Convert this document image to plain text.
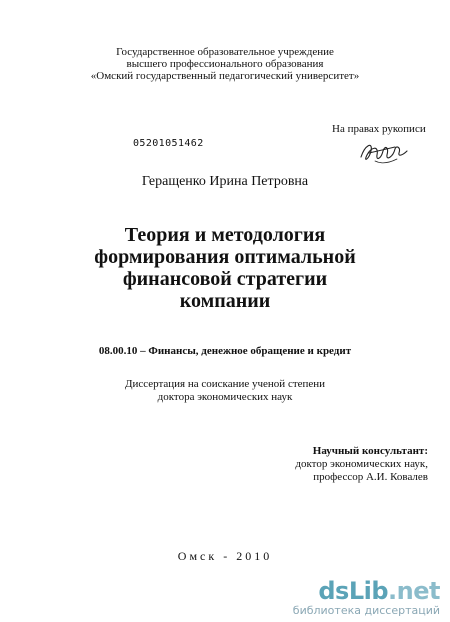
Государственное образовательное учреждение
высшего профессионального образования
«Омский государственный педагогический университет»
На правах рукописи
05201051462
Геращенко Ирина Петровна
Теория и методология
формирования оптимальной
финансовой стратегии
компании
08.00.10 – Финансы, денежное обращение и кредит
Диссертация на соискание ученой степени
доктора экономических наук
Научный консультант:
доктор экономических наук,
профессор А.И. Ковалев
Омск - 2010
dsLib.net
библиотека диссертаций
